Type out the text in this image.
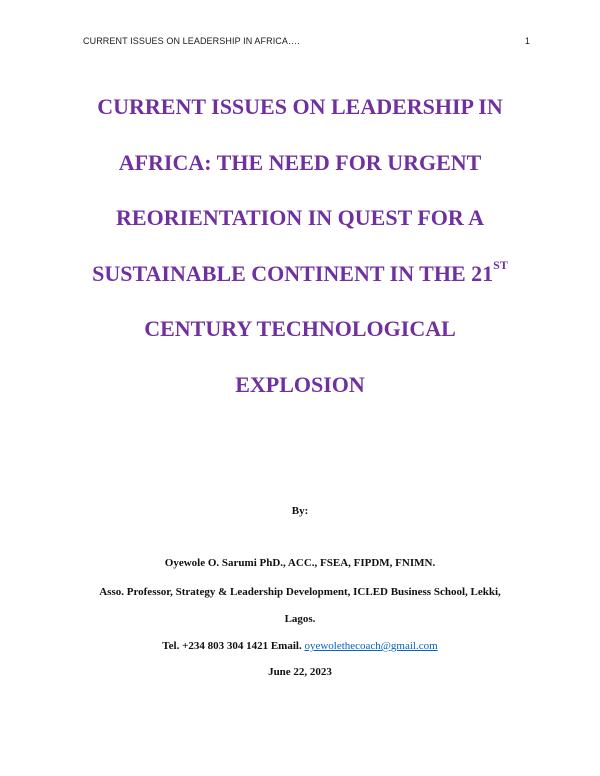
CURRENT ISSUES ON LEADERSHIP IN AFRICA….	1
CURRENT ISSUES ON LEADERSHIP IN
AFRICA: THE NEED FOR URGENT
REORIENTATION IN QUEST FOR A
SUSTAINABLE CONTINENT IN THE 21ST
CENTURY TECHNOLOGICAL
EXPLOSION
By:
Oyewole O. Sarumi PhD., ACC., FSEA, FIPDM, FNIMN.
Asso. Professor, Strategy & Leadership Development, ICLED Business School, Lekki,
Lagos.
Tel. +234 803 304 1421 Email. oyewolethecoach@gmail.com
June 22, 2023
